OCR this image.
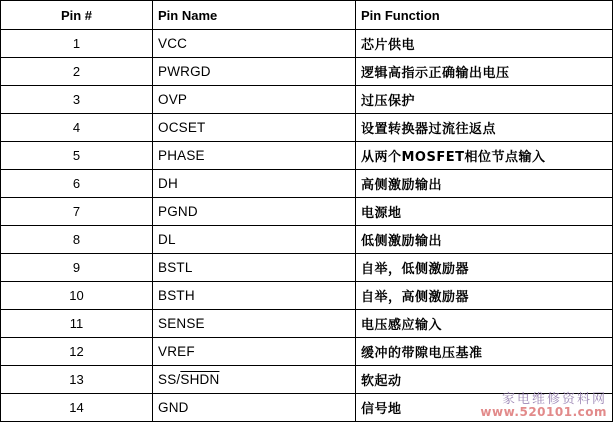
Pin #	Pin Name	Pin Function
1	VCC	芯片供电
2	PWRGD	逻辑高指示正确输出电压
3	OVP	过压保护
4	OCSET	设置转换器过流往返点
5	PHASE	从两个MOSFET相位节点输入
6	DH	高侧激励输出
7	PGND	电源地
8	DL	低侧激励输出
9	BSTL	自举，低侧激励器
10	BSTH	自举，高侧激励器
11	SENSE	电压感应输入
12	VREF	缓冲的带隙电压基准
13	SS/SHDN	软起动
14	GND	信号地
家电维修资料网
www.520101.com
